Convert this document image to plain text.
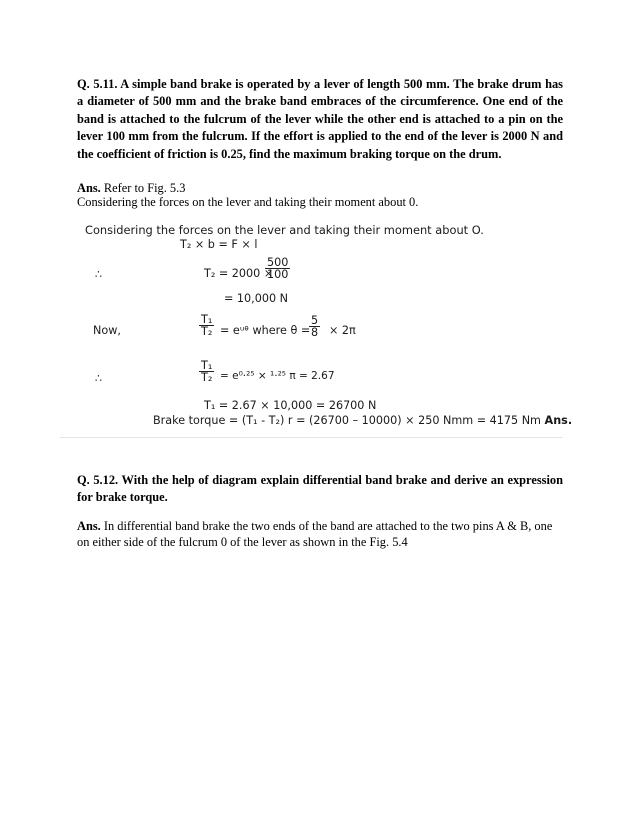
Q. 5.11. A simple band brake is operated by a lever of length 500 mm. The brake drum has a diameter of 500 mm and the brake band embraces of the circumference. One end of the band is attached to the fulcrum of the lever while the other end is attached to a pin on the lever 100 mm from the fulcrum. If the effort is applied to the end of the lever is 2000 N and the coefficient of friction is 0.25, find the maximum braking torque on the drum.

Ans. Refer to Fig. 5.3

Considering the forces on the lever and taking their moment about 0.

Considering the forces on the lever and taking their moment about O.
T₂ × b = F × l
∴	T₂ = 2000 ×
$\frac{500}{100}$
= 10,000 N
Now,	$\frac{\text{T₁}}{\text{T₂}}$ = eᵘᶿ where θ =
$\frac{5}{8} \times 2\pi$
∴	$\frac{\text{T₁}}{\text{T₂}} = e^0\cdot^{25} \times ^1\cdot^{25}$ π = 2.67
T₁ = 2.67 × 10,000 = 26700 N
Brake torque = (T₁ - T₂) r = (26700 – 10000) × 250 Nmm = 4175 Nm Ans.

Q. 5.12. With the help of diagram explain differential band brake and derive an expression for brake torque.

Ans. In differential band brake the two ends of the band are attached to the two pins A & B, one on either side of the fulcrum 0 of the lever as shown in the Fig. 5.4
